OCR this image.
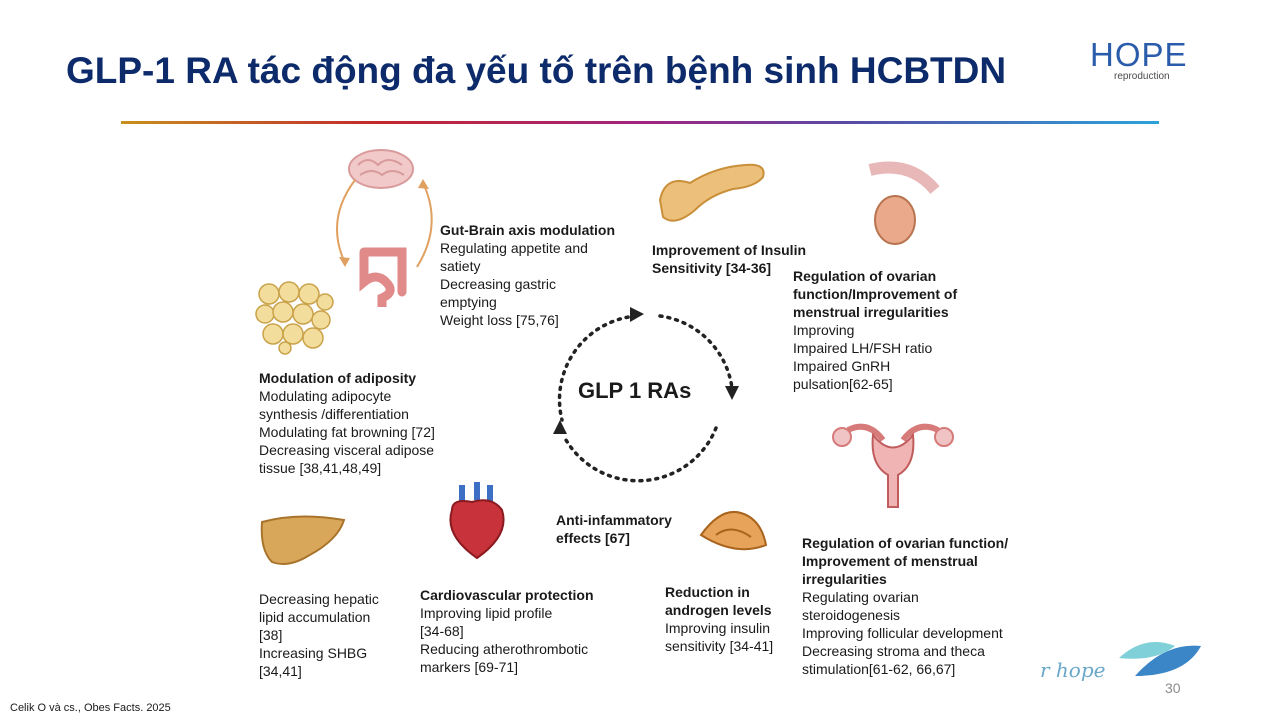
GLP-1 RA tác động đa yếu tố trên bệnh sinh HCBTDN	HOPE
reproduction
GLP 1 RAs
Gut-Brain axis modulation
Regulating appetite and
satiety
Decreasing gastric
emptying
Weight loss [75,76]
Improvement of Insulin
Sensitivity [34-36]	Regulation of ovarian
function/Improvement of
menstrual irregularities
Improving
Impaired LH/FSH ratio
Impaired GnRH
pulsation[62-65]
Modulation of adiposity
Modulating adipocyte
synthesis /differentiation
Modulating fat browning [72]
Decreasing visceral adipose
tissue [38,41,48,49]
Anti-infammatory
effects [67]
Decreasing hepatic
lipid accumulation
[38]
Increasing SHBG
[34,41]
Cardiovascular protection
Improving lipid profile
[34-68]
Reducing atherothrombotic
markers [69-71]
Reduction in
androgen levels
Improving insulin
sensitivity [34-41]
Regulation of ovarian function/
Improvement of menstrual
irregularities
Regulating ovarian
steroidogenesis
Improving follicular development
Decreasing stroma and theca
stimulation[61-62, 66,67]	r hope
30
Celik O và cs., Obes Facts. 2025
